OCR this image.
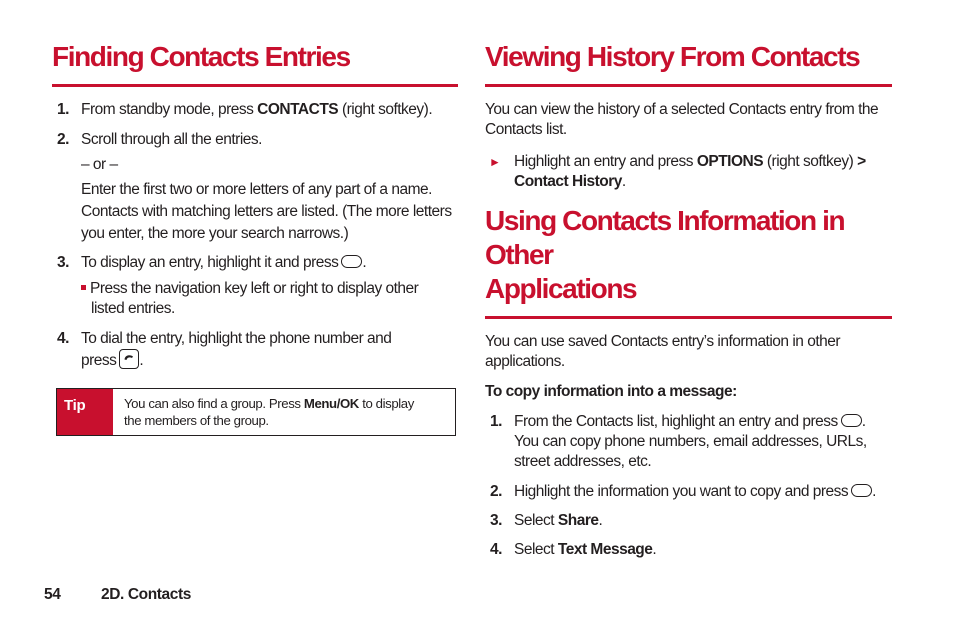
Finding Contacts Entries
1. From standby mode, press CONTACTS (right softkey).
2. Scroll through all the entries.
– or –
Enter the first two or more letters of any part of a name.
Contacts with matching letters are listed. (The more letters
you enter, the more your search narrows.)
3. To display an entry, highlight it and press .
Press the navigation key left or right to display other
listed entries.
4. To dial the entry, highlight the phone number and
press .
Tip	You can also find a group. Press Menu/OK to display
the members of the group.
Viewing History From Contacts
You can view the history of a selected Contacts entry from the
Contacts list.
► Highlight an entry and press OPTIONS (right softkey) >
Contact History.
Using Contacts Information in Other
Applications
You can use saved Contacts entry’s information in other
applications.
To copy information into a message:
1. From the Contacts list, highlight an entry and press .
You can copy phone numbers, email addresses, URLs,
street addresses, etc.
2. Highlight the information you want to copy and press .
3. Select Share.
4. Select Text Message.
54	2D. Contacts
